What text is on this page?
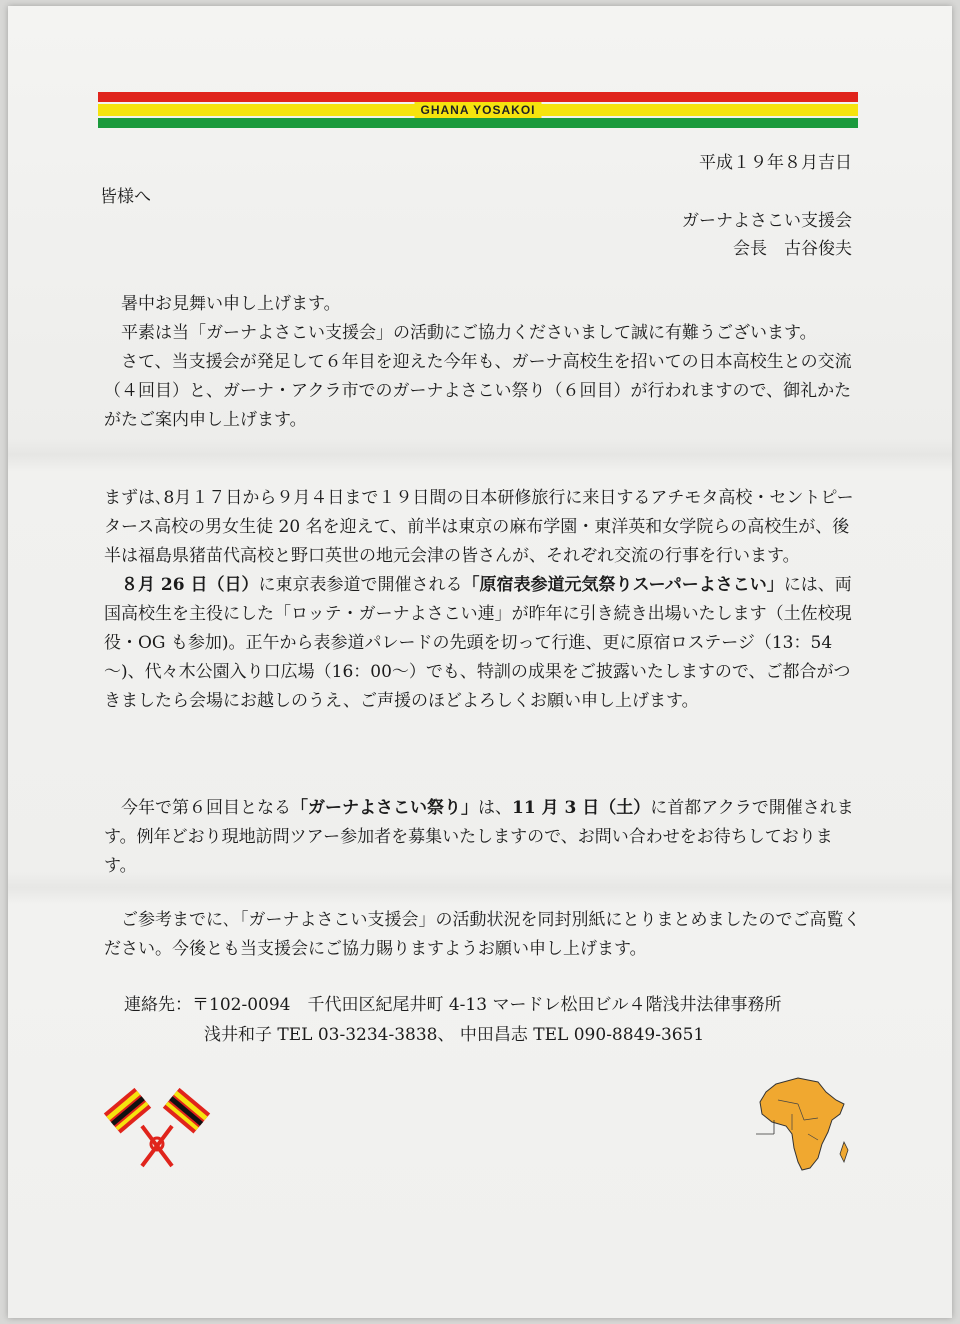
GHANA YOSAKOI
平成１９年８月吉日
皆様へ
ガーナよさこい支援会
会長　古谷俊夫

暑中お見舞い申し上げます。

平素は当「ガーナよさこい支援会」の活動にご協力くださいまして誠に有難うございます。

さて、当支援会が発足して６年目を迎えた今年も、ガーナ高校生を招いての日本高校生との交流（４回目）と、ガーナ・アクラ市でのガーナよさこい祭り（６回目）が行われますので、御礼かたがたご案内申し上げます。

まずは､8月１７日から９月４日まで１９日間の日本研修旅行に来日するアチモタ高校・セントピータース高校の男女生徒 20 名を迎えて、前半は東京の麻布学園・東洋英和女学院らの高校生が、後半は福島県猪苗代高校と野口英世の地元会津の皆さんが、それぞれ交流の行事を行います。

８月 26 日（日）に東京表参道で開催される「原宿表参道元気祭りスーパーよさこい」には、両国高校生を主役にした「ロッテ・ガーナよさこい連」が昨年に引き続き出場いたします（土佐校現役・OG も参加)。正午から表参道パレードの先頭を切って行進、更に原宿ロステージ（13：54～)、代々木公園入り口広場（16：00～）でも、特訓の成果をご披露いたしますので、ご都合がつきましたら会場にお越しのうえ、ご声援のほどよろしくお願い申し上げます。

今年で第６回目となる「ガーナよさこい祭り」は、11 月 3 日（土）に首都アクラで開催されます。例年どおり現地訪問ツアー参加者を募集いたしますので、お問い合わせをお待ちしております。

ご参考までに､「ガーナよさこい支援会」の活動状況を同封別紙にとりまとめましたのでご高覧ください。今後とも当支援会にご協力賜りますようお願い申し上げます。

連絡先：〒102-0094　千代田区紀尾井町 4-13 マードレ松田ビル４階浅井法律事務所
浅井和子 TEL 03-3234-3838、 中田昌志 TEL 090-8849-3651
